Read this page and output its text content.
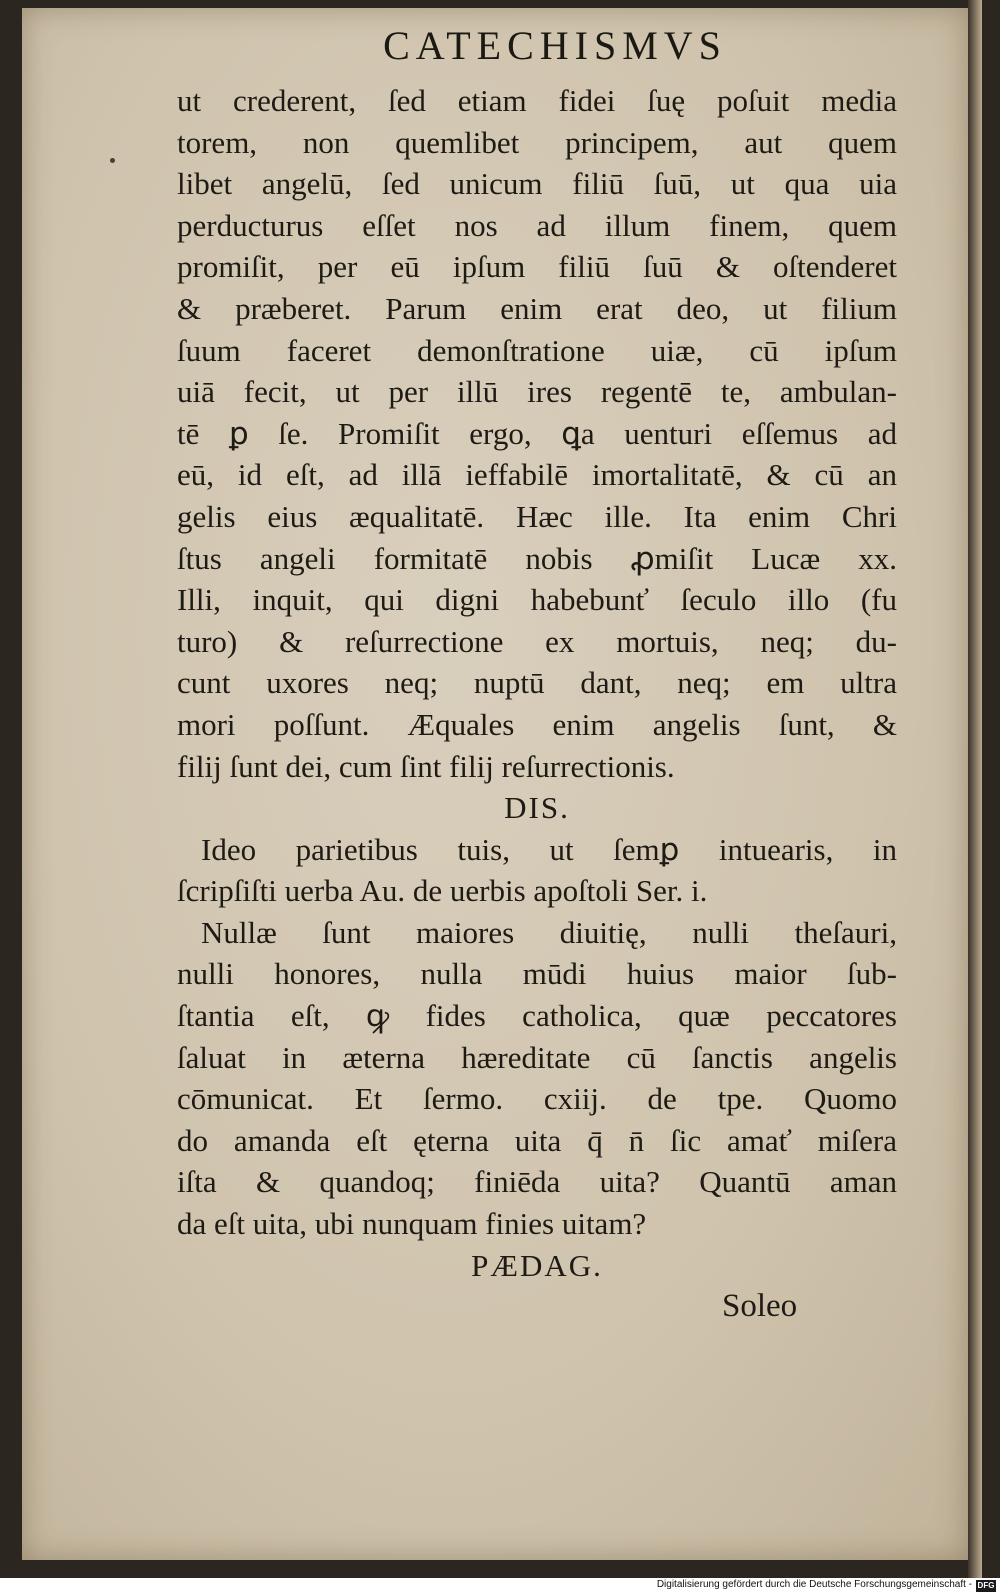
CATECHISMVS
ut crederent, ſed etiam fidei ſuę poſuit media
torem, non quemlibet principem, aut quem
libet angelū, ſed unicum filiū ſuū, ut qua uia
perducturus eſſet nos ad illum finem, quem
promiſit, per eū ipſum filiū ſuū & oſtenderet
& præberet. Parum enim erat deo, ut filium
ſuum faceret demonſtratione uiæ, cū ipſum
uiā fecit, ut per illū ires regentē te, ambulan-
tē ꝑ ſe. Promiſit ergo, ꝗa uenturi eſſemus ad
eū, id eſt, ad illā ieffabilē imortalitatē, & cū an
gelis eius æqualitatē. Hæc ille. Ita enim Chri
ſtus angeli formitatē nobis ꝓmiſit Lucæ xx.
Illi, inquit, qui digni habebunť ſeculo illo (fu
turo) & reſurrectione ex mortuis, neq; du-
cunt uxores neq; nuptū dant, neq; em ultra
mori poſſunt. Æquales enim angelis ſunt, &
filij ſunt dei, cum ſint filij reſurrectionis.
DIS.
Ideo parietibus tuis, ut ſemꝑ intuearis, in
ſcripſiſti uerba Au. de uerbis apoſtoli Ser. i.
Nullæ ſunt maiores diuitię, nulli theſauri,
nulli honores, nulla mūdi huius maior ſub-
ſtantia eſt, ꝙ fides catholica, quæ peccatores
ſaluat in æterna hæreditate cū ſanctis angelis
cōmunicat. Et ſermo. cxiij. de tpe. Quomo
do amanda eſt ęterna uita q̄ n̄ ſic amať miſera
iſta & quandoq; finiēda uita? Quantū aman
da eſt uita, ubi nunquam finies uitam?
PÆDAG.
Soleo
Digitalisierung gefördert durch die Deutsche Forschungsgemeinschaft - DFG
